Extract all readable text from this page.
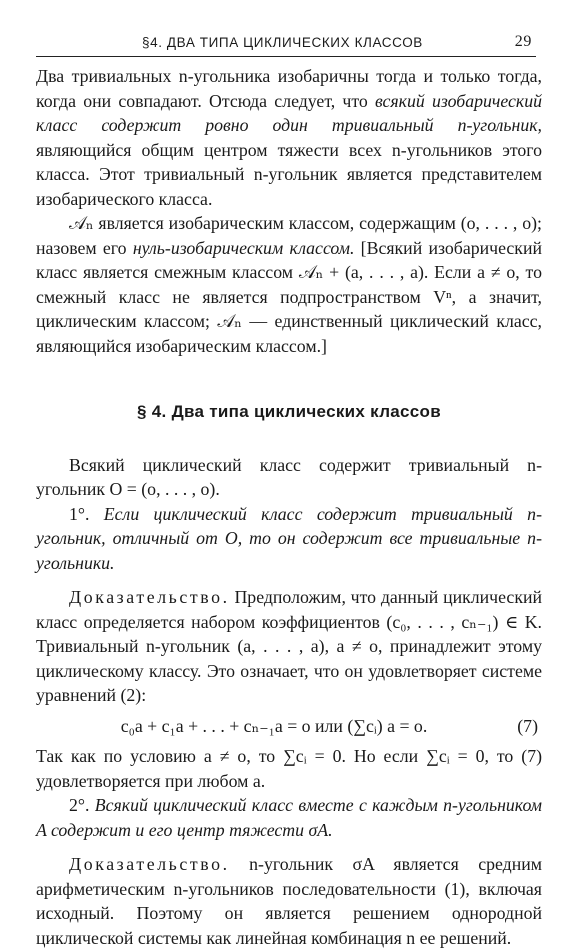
§4. ДВА ТИПА ЦИКЛИЧЕСКИХ КЛАССОВ	29

Два тривиальных n-угольника изобаричны тогда и только тогда, когда они совпадают. Отсюда следует, что всякий изобарический класс содержит ровно один тривиальный n-угольник, являющийся общим центром тяжести всех n-угольников этого класса. Этот тривиальный n-угольник является представителем изобарического класса.

𝒜ₙ является изобарическим классом, содержащим (o, . . . , o); назовем его нуль-изобарическим классом. [Всякий изобарический класс является смежным классом 𝒜ₙ + (a, . . . , a). Если a ≠ o, то смежный класс не является подпространством Vⁿ, а значит, циклическим классом; 𝒜ₙ — единственный циклический класс, являющийся изобарическим классом.]

§ 4. Два типа циклических классов

Всякий циклический класс содержит тривиальный n-угольник O = (o, . . . , o).

1°. Если циклический класс содержит тривиальный n-угольник, отличный от O, то он содержит все тривиальные n-угольники.

Доказательство. Предположим, что данный циклический класс определяется набором коэффициентов (c₀, . . . , cₙ₋₁) ∈ K. Тривиальный n-угольник (a, . . . , a), a ≠ o, принадлежит этому циклическому классу. Это означает, что он удовлетворяет системе уравнений (2):

c₀a + c₁a + . . . + cₙ₋₁a = o или (∑cᵢ) a = o.	(7)

Так как по условию a ≠ o, то ∑cᵢ = 0. Но если ∑cᵢ = 0, то (7) удовлетворяется при любом a.

2°. Всякий циклический класс вместе с каждым n-угольником A содержит и его центр тяжести σA.

Доказательство. n-угольник σA является средним арифметическим n-угольников последовательности (1), включая исходный. Поэтому он является решением однородной циклической системы как линейная комбинация n ее решений.
